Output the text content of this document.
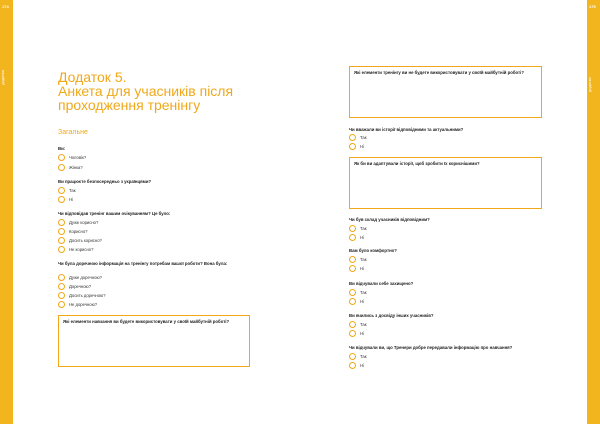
174	175
додатки
додатки
Додаток 5.
Анкета для учасників після проходження тренінгу
Загальне
Ви:
Чоловік?
Жінка?
Ви працюєте безпосередньо з українцями?
Так
Ні
Чи відповідав тренінг вашим очікуванням? Це було:
Дуже корисно?
Корисно?
Досить корисно?
Не корисно?
Чи була доречною інформація на тренінгу потребам вашої роботи? Вона була:
Дуже доречною?
Доречною?
Досить доречною?
Не доречною?
Які елементи навчання ви будете використовувати у своїй майбутній роботі?
Які елементи тренінгу ви не будете використовувати у своїй майбутній роботі?
Чи вважали ви історії відповідними та актуальними?
Так
Ні
Як би ви адаптували історії, щоб зробити їх кориснішими?
Чи був склад учасників відповідним?
Так
Ні
Вам було комфортно?
Так
Ні
Ви відчували себе захищено?
Так
Ні
Ви вчились з досвіду інших учасників?
Так
Ні
Чи відчували ви, що Тренери добре передавали інформацію про навчання?
Так
Ні
